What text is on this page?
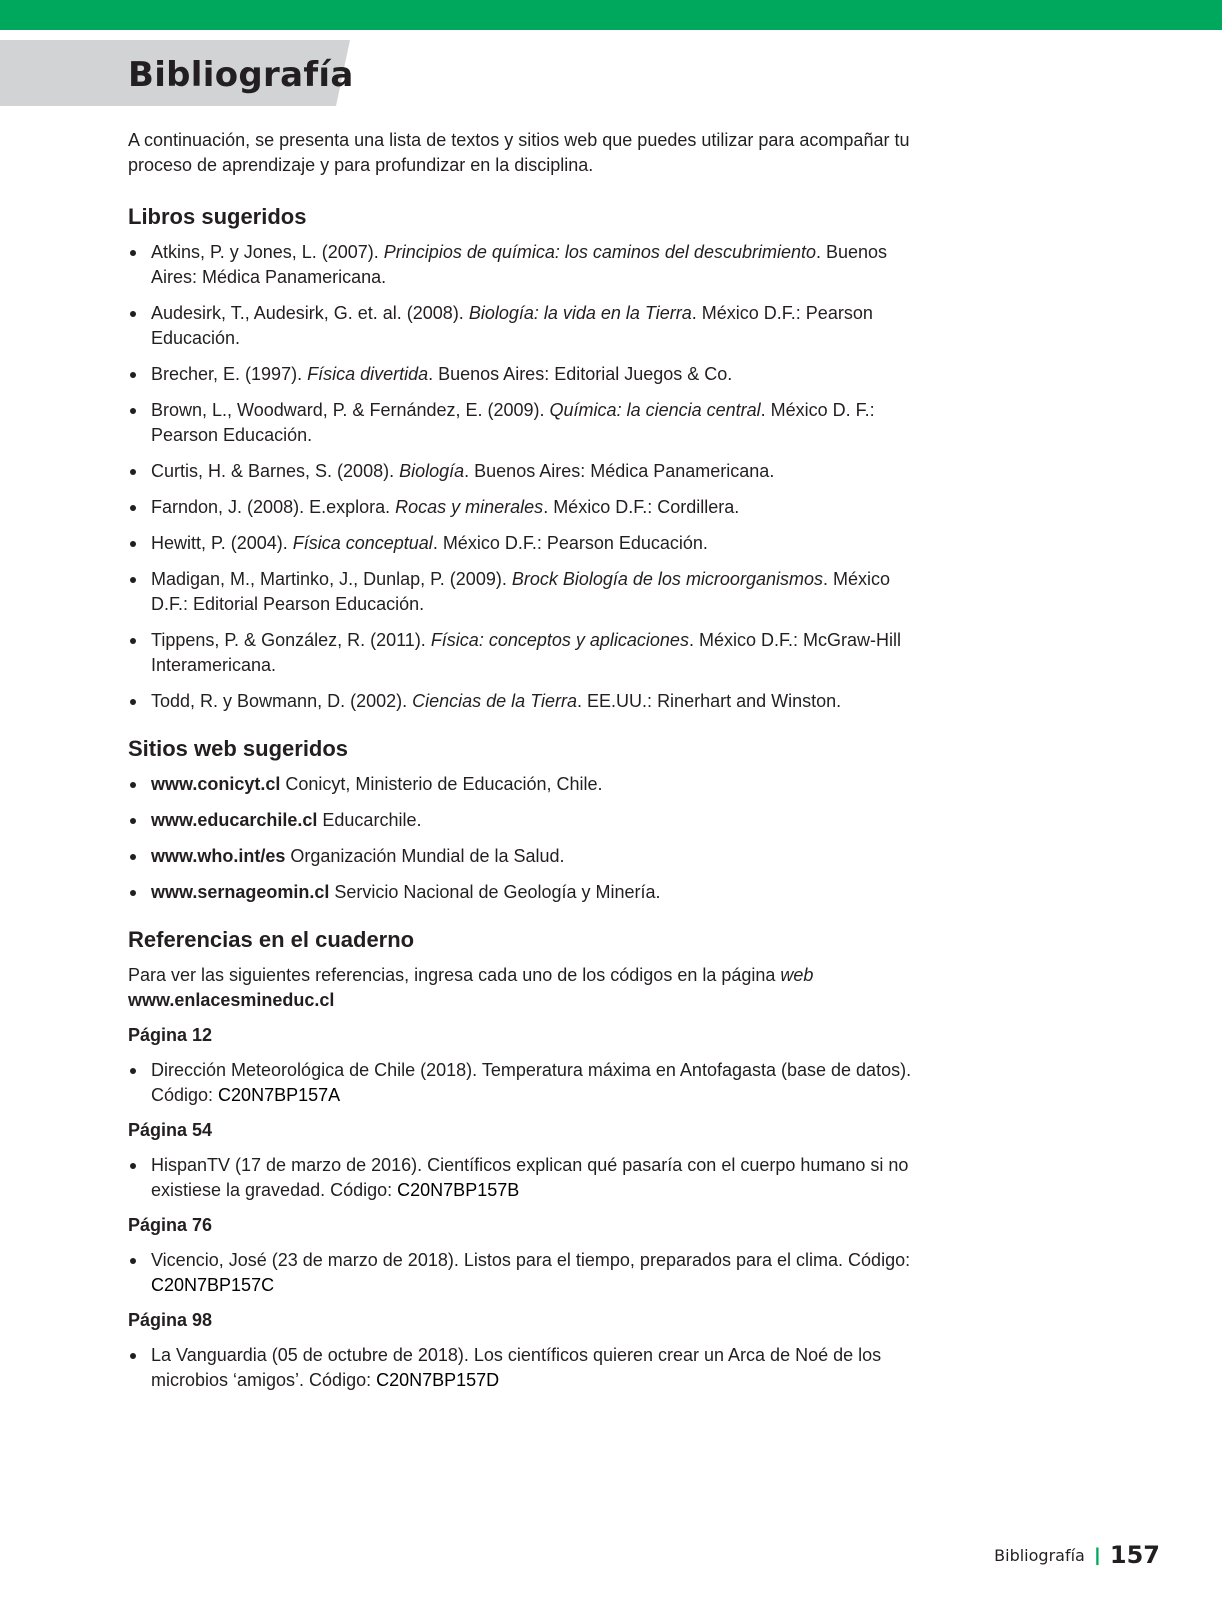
Bibliografía

A continuación, se presenta una lista de textos y sitios web que puedes utilizar para acompañar tu proceso de aprendizaje y para profundizar en la disciplina.

Libros sugeridos
Atkins, P. y Jones, L. (2007). Principios de química: los caminos del descubrimiento. Buenos Aires: Médica Panamericana.
Audesirk, T., Audesirk, G. et. al. (2008). Biología: la vida en la Tierra. México D.F.: Pearson Educación.
Brecher, E. (1997). Física divertida. Buenos Aires: Editorial Juegos & Co.
Brown, L., Woodward, P. & Fernández, E. (2009). Química: la ciencia central. México D. F.: Pearson Educación.
Curtis, H. & Barnes, S. (2008). Biología. Buenos Aires: Médica Panamericana.
Farndon, J. (2008). E.explora. Rocas y minerales. México D.F.: Cordillera.
Hewitt, P. (2004). Física conceptual. México D.F.: Pearson Educación.
Madigan, M., Martinko, J., Dunlap, P. (2009). Brock Biología de los microorganismos. México D.F.: Editorial Pearson Educación.
Tippens, P. & González, R. (2011). Física: conceptos y aplicaciones. México D.F.: McGraw-Hill Interamericana.
Todd, R. y Bowmann, D. (2002). Ciencias de la Tierra. EE.UU.: Rinerhart and Winston.
Sitios web sugeridos
www.conicyt.cl Conicyt, Ministerio de Educación, Chile.
www.educarchile.cl Educarchile.
www.who.int/es Organización Mundial de la Salud.
www.sernageomin.cl Servicio Nacional de Geología y Minería.
Referencias en el cuaderno

Para ver las siguientes referencias, ingresa cada uno de los códigos en la página web
www.enlacesmineduc.cl

Página 12
Dirección Meteorológica de Chile (2018). Temperatura máxima en Antofagasta (base de datos). Código: C20N7BP157A
Página 54
HispanTV (17 de marzo de 2016). Científicos explican qué pasaría con el cuerpo humano si no existiese la gravedad. Código: C20N7BP157B
Página 76
Vicencio, José (23 de marzo de 2018). Listos para el tiempo, preparados para el clima. Código: C20N7BP157C
Página 98
La Vanguardia (05 de octubre de 2018). Los científicos quieren crear un Arca de Noé de los microbios ‘amigos’. Código: C20N7BP157D
Bibliografía | 157
